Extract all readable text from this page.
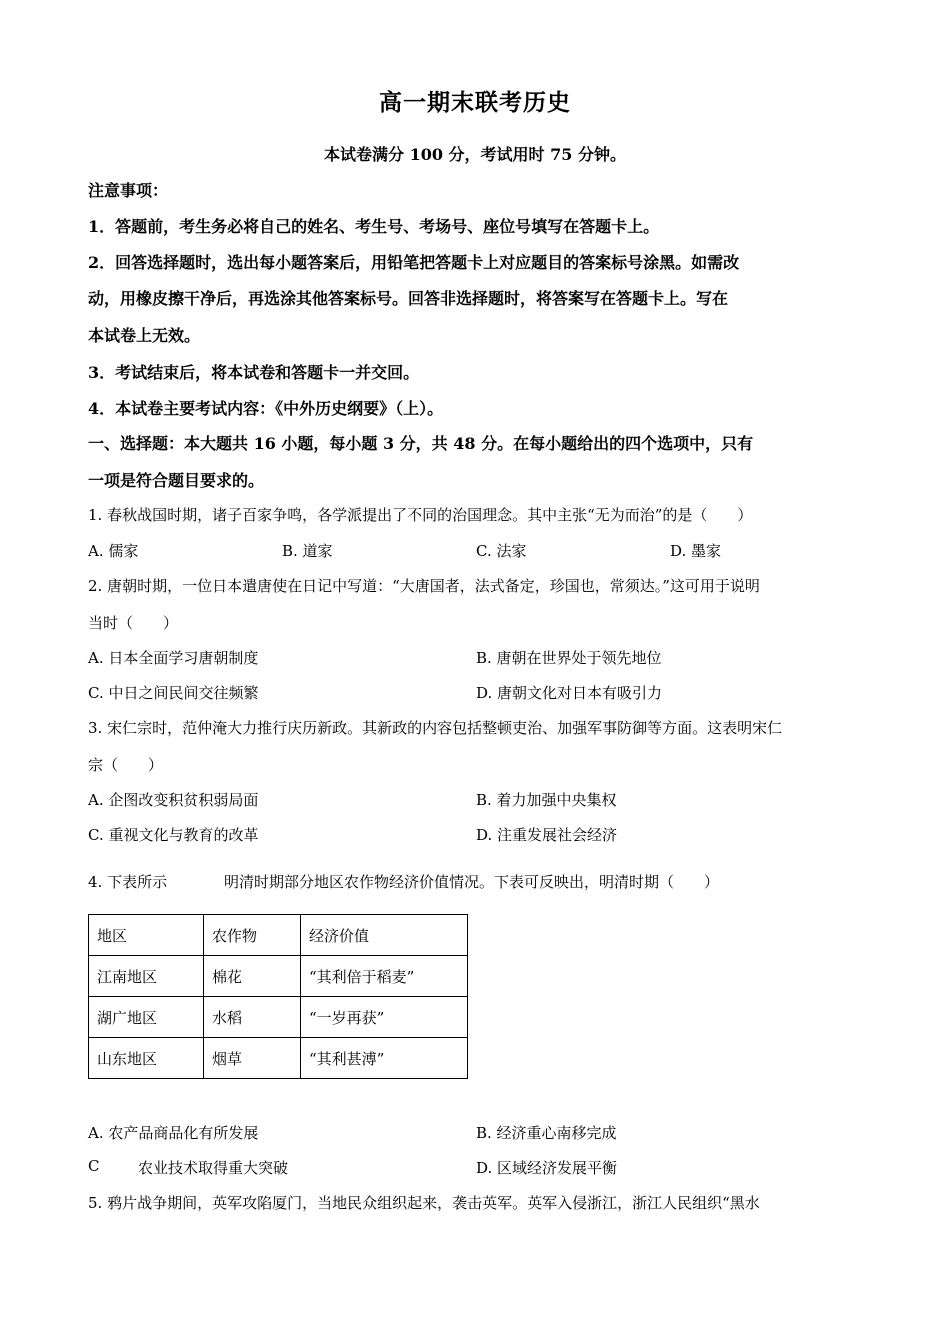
高一期末联考历史
本试卷满分 100 分，考试用时 75 分钟。
注意事项：
1．答题前，考生务必将自己的姓名、考生号、考场号、座位号填写在答题卡上。
2．回答选择题时，选出每小题答案后，用铅笔把答题卡上对应题目的答案标号涂黑。如需改
动，用橡皮擦干净后，再选涂其他答案标号。回答非选择题时，将答案写在答题卡上。写在
本试卷上无效。
3．考试结束后，将本试卷和答题卡一并交回。
4．本试卷主要考试内容：《中外历史纲要》（上）。
一、选择题：本大题共 16 小题，每小题 3 分，共 48 分。在每小题给出的四个选项中，只有
一项是符合题目要求的。
1. 春秋战国时期，诸子百家争鸣，各学派提出了不同的治国理念。其中主张“无为而治”的是（　　）
A. 儒家	B. 道家	C. 法家	D. 墨家
2. 唐朝时期，一位日本遣唐使在日记中写道：“大唐国者，法式备定，珍国也，常须达。”这可用于说明
当时（　　）
A. 日本全面学习唐朝制度	B. 唐朝在世界处于领先地位
C. 中日之间民间交往频繁	D. 唐朝文化对日本有吸引力
3. 宋仁宗时，范仲淹大力推行庆历新政。其新政的内容包括整顿吏治、加强军事防御等方面。这表明宋仁
宗（　　）
A. 企图改变积贫积弱局面	B. 着力加强中央集权
C. 重视文化与教育的改革	D. 注重发展社会经济
4. 下表所示	明清时期部分地区农作物经济价值情况。下表可反映出，明清时期（　　）
地区	农作物	经济价值
江南地区	棉花	“其利倍于稻麦”
湖广地区	水稻	“一岁再获”
山东地区	烟草	“其利甚溥”
A. 农产品商品化有所发展	B. 经济重心南移完成
C	农业技术取得重大突破	D. 区域经济发展平衡
5. 鸦片战争期间，英军攻陷厦门，当地民众组织起来，袭击英军。英军入侵浙江，浙江人民组织“黑水
